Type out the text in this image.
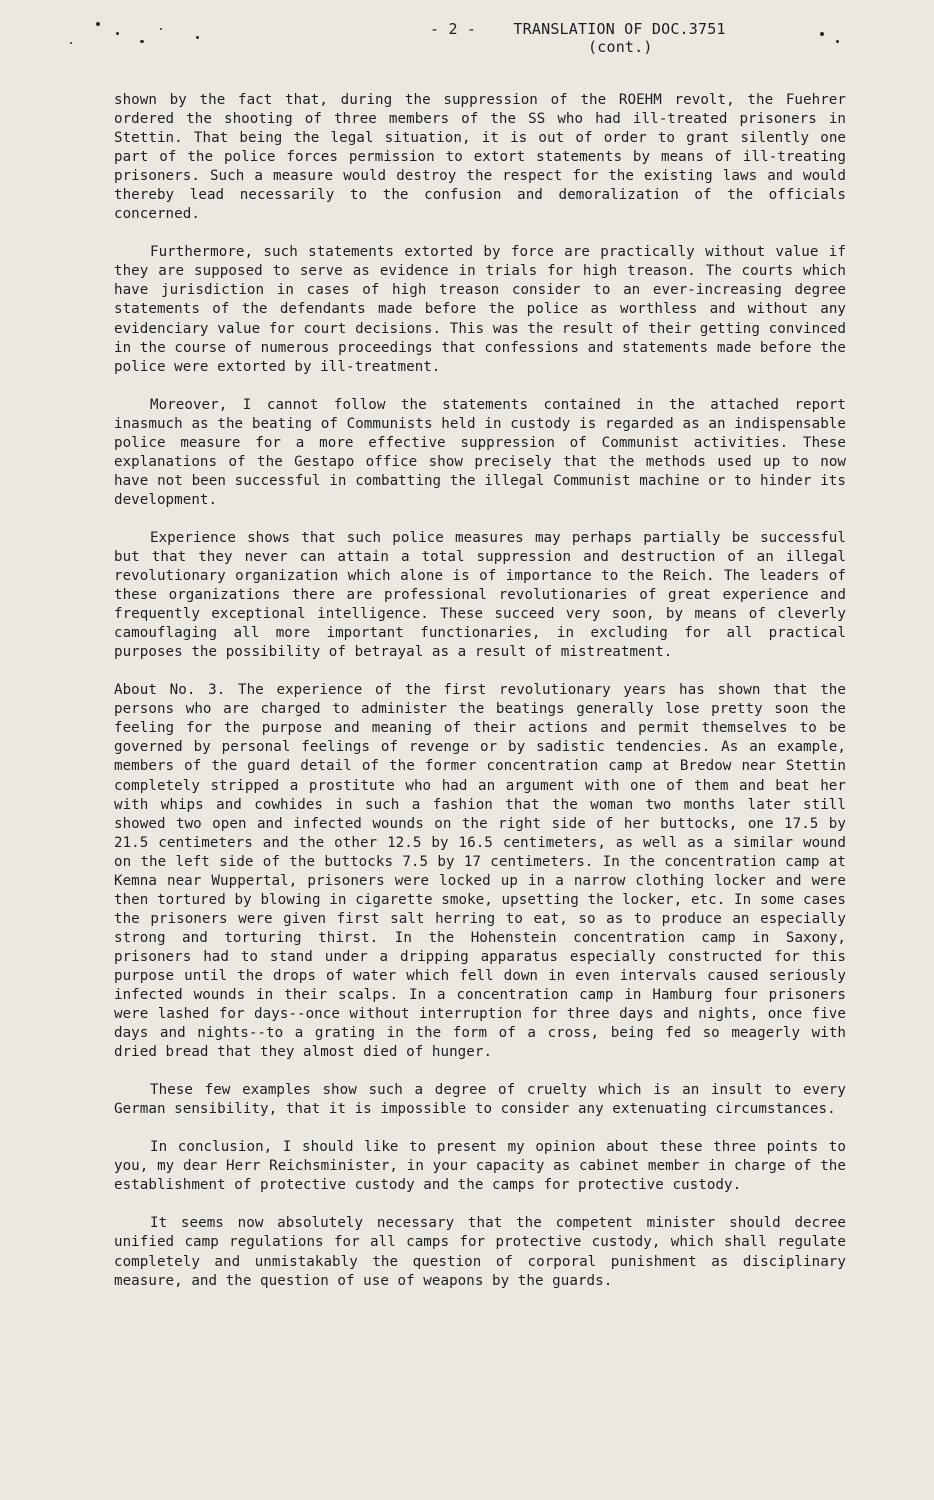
- 2 - TRANSLATION OF DOC.3751
(cont.)

shown by the fact that, during the suppression of the ROEHM revolt, the Fuehrer ordered the shooting of three members of the SS who had ill-treated prisoners in Stettin. That being the legal situation, it is out of order to grant silently one part of the police forces permission to extort statements by means of ill-treating prisoners. Such a measure would destroy the respect for the existing laws and would thereby lead necessarily to the confusion and demoralization of the officials concerned.

Furthermore, such statements extorted by force are practically without value if they are supposed to serve as evidence in trials for high treason. The courts which have jurisdiction in cases of high treason consider to an ever-increasing degree statements of the defendants made before the police as worthless and without any evidenciary value for court decisions. This was the result of their getting convinced in the course of numerous proceedings that confessions and statements made before the police were extorted by ill-treatment.

Moreover, I cannot follow the statements contained in the attached report inasmuch as the beating of Communists held in custody is regarded as an indispensable police measure for a more effective suppression of Communist activities. These explanations of the Gestapo office show precisely that the methods used up to now have not been successful in combatting the illegal Communist machine or to hinder its development.

Experience shows that such police measures may perhaps partially be successful but that they never can attain a total suppression and destruction of an illegal revolutionary organization which alone is of importance to the Reich. The leaders of these organizations there are professional revolutionaries of great experience and frequently exceptional intelligence. These succeed very soon, by means of cleverly camouflaging all more important functionaries, in excluding for all practical purposes the possibility of betrayal as a result of mistreatment.

About No. 3. The experience of the first revolutionary years has shown that the persons who are charged to administer the beatings generally lose pretty soon the feeling for the purpose and meaning of their actions and permit themselves to be governed by personal feelings of revenge or by sadistic tendencies. As an example, members of the guard detail of the former concentration camp at Bredow near Stettin completely stripped a prostitute who had an argument with one of them and beat her with whips and cowhides in such a fashion that the woman two months later still showed two open and infected wounds on the right side of her buttocks, one 17.5 by 21.5 centimeters and the other 12.5 by 16.5 centimeters, as well as a similar wound on the left side of the buttocks 7.5 by 17 centimeters. In the concentration camp at Kemna near Wuppertal, prisoners were locked up in a narrow clothing locker and were then tortured by blowing in cigarette smoke, upsetting the locker, etc. In some cases the prisoners were given first salt herring to eat, so as to produce an especially strong and torturing thirst. In the Hohenstein concentration camp in Saxony, prisoners had to stand under a dripping apparatus especially constructed for this purpose until the drops of water which fell down in even intervals caused seriously infected wounds in their scalps. In a concentration camp in Hamburg four prisoners were lashed for days--once without interruption for three days and nights, once five days and nights--to a grating in the form of a cross, being fed so meagerly with dried bread that they almost died of hunger.

These few examples show such a degree of cruelty which is an insult to every German sensibility, that it is impossible to consider any extenuating circumstances.

In conclusion, I should like to present my opinion about these three points to you, my dear Herr Reichsminister, in your capacity as cabinet member in charge of the establishment of protective custody and the camps for protective custody.

It seems now absolutely necessary that the competent minister should decree unified camp regulations for all camps for protective custody, which shall regulate completely and unmistakably the question of corporal punishment as disciplinary measure, and the question of use of weapons by the guards.
